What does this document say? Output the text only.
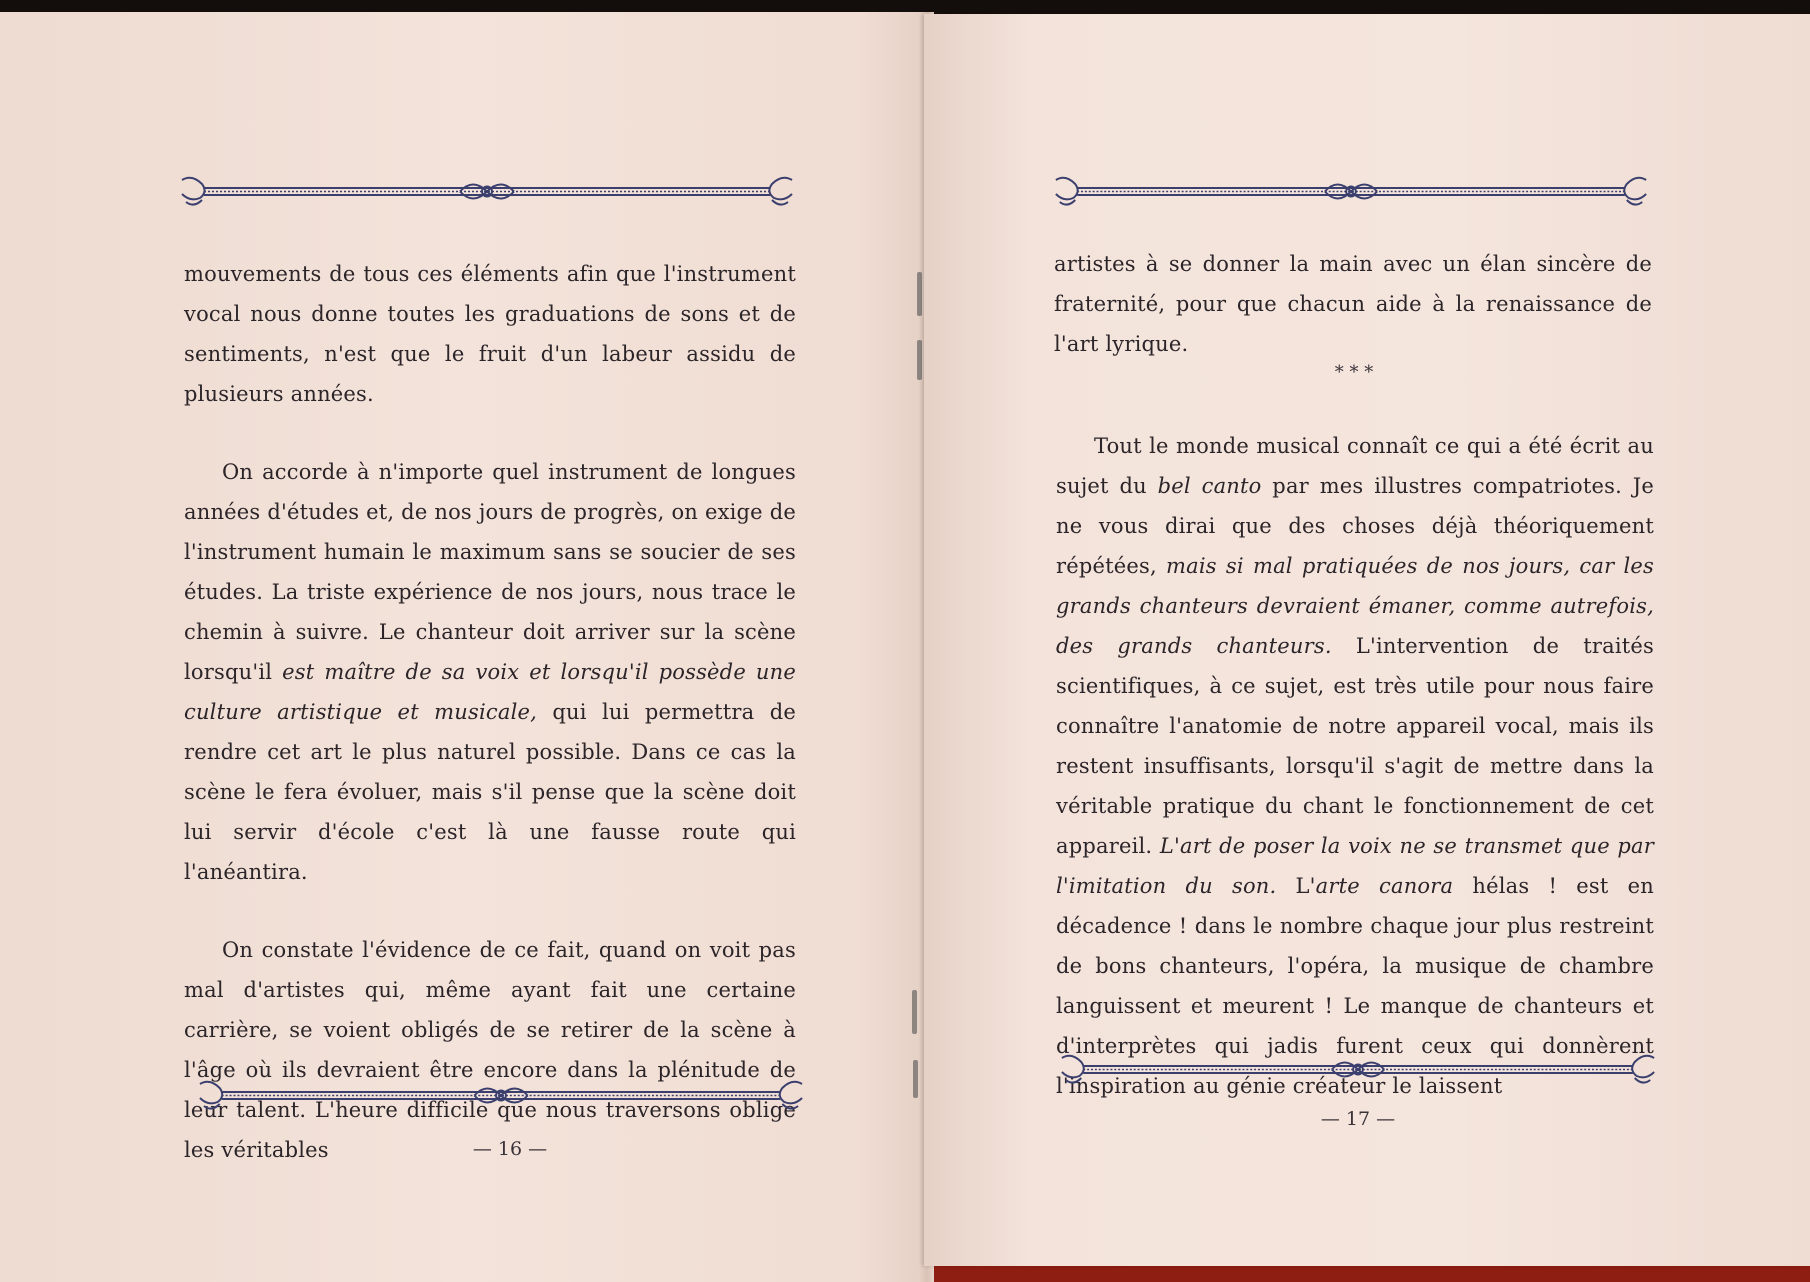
mouvements de tous ces éléments afin que l'instrument vocal nous donne toutes les graduations de sons et de sentiments, n'est que le fruit d'un labeur assidu de plusieurs années.

On accorde à n'importe quel instrument de longues années d'études et, de nos jours de progrès, on exige de l'instrument humain le maximum sans se soucier de ses études. La triste expérience de nos jours, nous trace le chemin à suivre. Le chanteur doit arriver sur la scène lorsqu'il est maître de sa voix et lorsqu'il possède une culture artistique et musicale, qui lui permettra de rendre cet art le plus naturel possible. Dans ce cas la scène le fera évoluer, mais s'il pense que la scène doit lui servir d'école c'est là une fausse route qui l'anéantira.

On constate l'évidence de ce fait, quand on voit pas mal d'artistes qui, même ayant fait une certaine carrière, se voient obligés de se retirer de la scène à l'âge où ils devraient être encore dans la plénitude de leur talent. L'heure difficile que nous traversons oblige les véritables	— 16 —

artistes à se donner la main avec un élan sincère de fraternité, pour que chacun aide à la renaissance de l'art lyrique.

* * *

Tout le monde musical connaît ce qui a été écrit au sujet du bel canto par mes illustres compatriotes. Je ne vous dirai que des choses déjà théoriquement répétées, mais si mal pratiquées de nos jours, car les grands chanteurs devraient émaner, comme autrefois, des grands chanteurs. L'intervention de traités scientifiques, à ce sujet, est très utile pour nous faire connaître l'anatomie de notre appareil vocal, mais ils restent insuffisants, lorsqu'il s'agit de mettre dans la véritable pratique du chant le fonctionnement de cet appareil. L'art de poser la voix ne se transmet que par l'imitation du son. L'arte canora hélas ! est en décadence ! dans le nombre chaque jour plus restreint de bons chanteurs, l'opéra, la musique de chambre languissent et meurent ! Le manque de chanteurs et d'interprètes qui jadis furent ceux qui donnèrent l'inspiration au génie créateur le laissent

— 17 —
